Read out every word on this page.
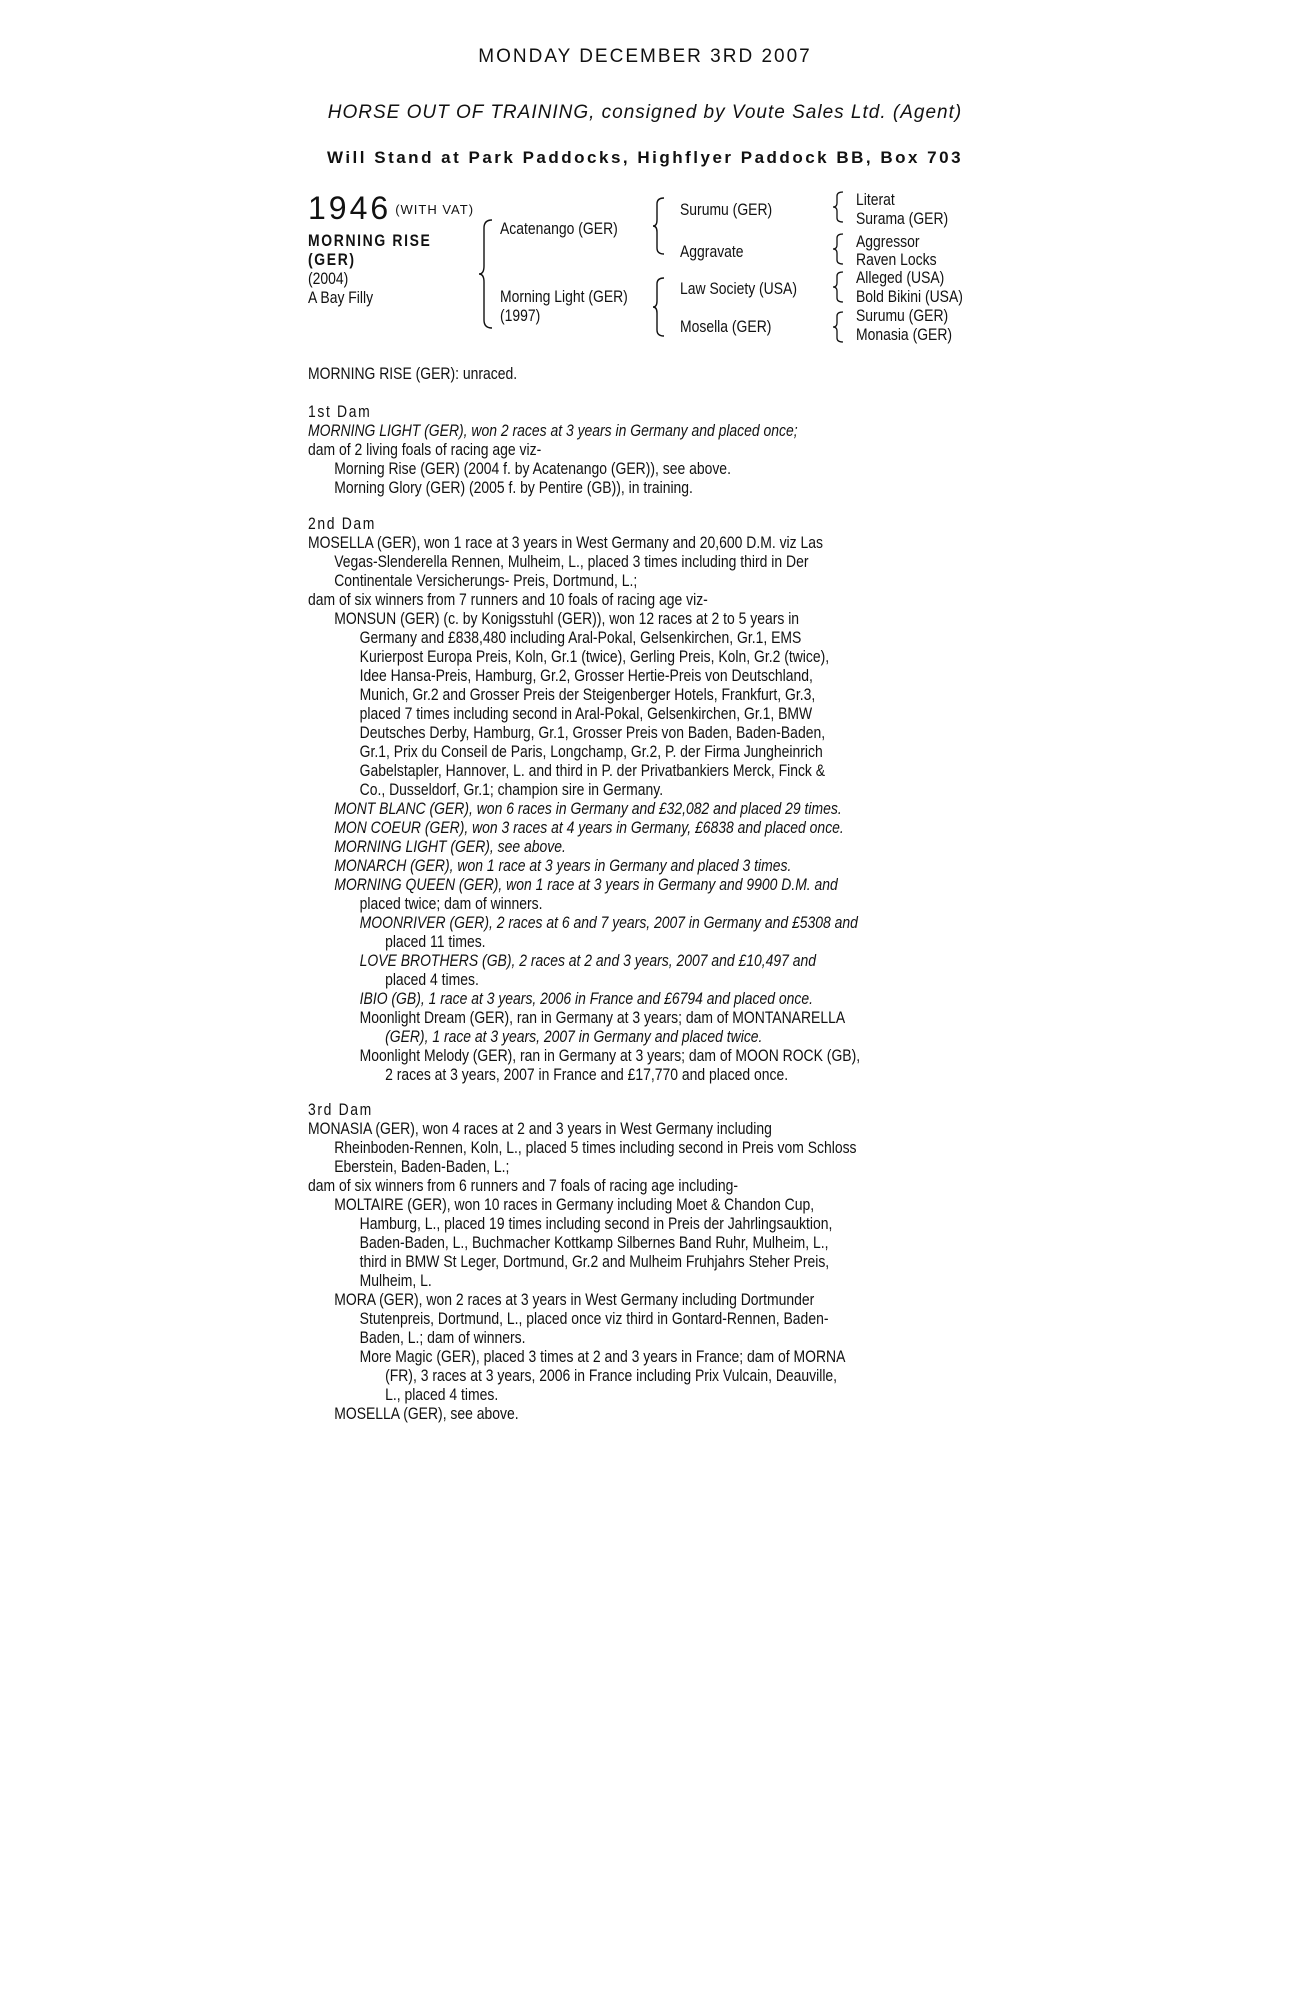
MONDAY DECEMBER 3RD 2007
HORSE OUT OF TRAINING, consigned by Voute Sales Ltd. (Agent)
Will Stand at Park Paddocks, Highflyer Paddock BB, Box 703
1946 (WITH VAT)
MORNING RISE
(GER)
(2004)
A Bay Filly
Acatenango (GER)
Morning Light (GER)
(1997)
Surumu (GER)
Aggravate
Law Society (USA)
Mosella (GER)
Literat
Surama (GER)
Aggressor
Raven Locks
Alleged (USA)
Bold Bikini (USA)
Surumu (GER)
Monasia (GER)

MORNING RISE (GER): unraced.

1st Dam

MORNING LIGHT (GER), won 2 races at 3 years in Germany and placed once;

dam of 2 living foals of racing age viz-

Morning Rise (GER) (2004 f. by Acatenango (GER)), see above.

Morning Glory (GER) (2005 f. by Pentire (GB)), in training.

2nd Dam

MOSELLA (GER), won 1 race at 3 years in West Germany and 20,600 D.M. viz Las

Vegas-Slenderella Rennen, Mulheim, L., placed 3 times including third in Der

Continentale Versicherungs- Preis, Dortmund, L.;

dam of six winners from 7 runners and 10 foals of racing age viz-

MONSUN (GER) (c. by Konigsstuhl (GER)), won 12 races at 2 to 5 years in

Germany and £838,480 including Aral-Pokal, Gelsenkirchen, Gr.1, EMS

Kurierpost Europa Preis, Koln, Gr.1 (twice), Gerling Preis, Koln, Gr.2 (twice),

Idee Hansa-Preis, Hamburg, Gr.2, Grosser Hertie-Preis von Deutschland,

Munich, Gr.2 and Grosser Preis der Steigenberger Hotels, Frankfurt, Gr.3,

placed 7 times including second in Aral-Pokal, Gelsenkirchen, Gr.1, BMW

Deutsches Derby, Hamburg, Gr.1, Grosser Preis von Baden, Baden-Baden,

Gr.1, Prix du Conseil de Paris, Longchamp, Gr.2, P. der Firma Jungheinrich

Gabelstapler, Hannover, L. and third in P. der Privatbankiers Merck, Finck &

Co., Dusseldorf, Gr.1; champion sire in Germany.

MONT BLANC (GER), won 6 races in Germany and £32,082 and placed 29 times.

MON COEUR (GER), won 3 races at 4 years in Germany, £6838 and placed once.

MORNING LIGHT (GER), see above.

MONARCH (GER), won 1 race at 3 years in Germany and placed 3 times.

MORNING QUEEN (GER), won 1 race at 3 years in Germany and 9900 D.M. and

placed twice; dam of winners.

MOONRIVER (GER), 2 races at 6 and 7 years, 2007 in Germany and £5308 and

placed 11 times.

LOVE BROTHERS (GB), 2 races at 2 and 3 years, 2007 and £10,497 and

placed 4 times.

IBIO (GB), 1 race at 3 years, 2006 in France and £6794 and placed once.

Moonlight Dream (GER), ran in Germany at 3 years; dam of MONTANARELLA

(GER), 1 race at 3 years, 2007 in Germany and placed twice.

Moonlight Melody (GER), ran in Germany at 3 years; dam of MOON ROCK (GB),

2 races at 3 years, 2007 in France and £17,770 and placed once.

3rd Dam

MONASIA (GER), won 4 races at 2 and 3 years in West Germany including

Rheinboden-Rennen, Koln, L., placed 5 times including second in Preis vom Schloss

Eberstein, Baden-Baden, L.;

dam of six winners from 6 runners and 7 foals of racing age including-

MOLTAIRE (GER), won 10 races in Germany including Moet & Chandon Cup,

Hamburg, L., placed 19 times including second in Preis der Jahrlingsauktion,

Baden-Baden, L., Buchmacher Kottkamp Silbernes Band Ruhr, Mulheim, L.,

third in BMW St Leger, Dortmund, Gr.2 and Mulheim Fruhjahrs Steher Preis,

Mulheim, L.

MORA (GER), won 2 races at 3 years in West Germany including Dortmunder

Stutenpreis, Dortmund, L., placed once viz third in Gontard-Rennen, Baden-

Baden, L.; dam of winners.

More Magic (GER), placed 3 times at 2 and 3 years in France; dam of MORNA

(FR), 3 races at 3 years, 2006 in France including Prix Vulcain, Deauville,

L., placed 4 times.

MOSELLA (GER), see above.
